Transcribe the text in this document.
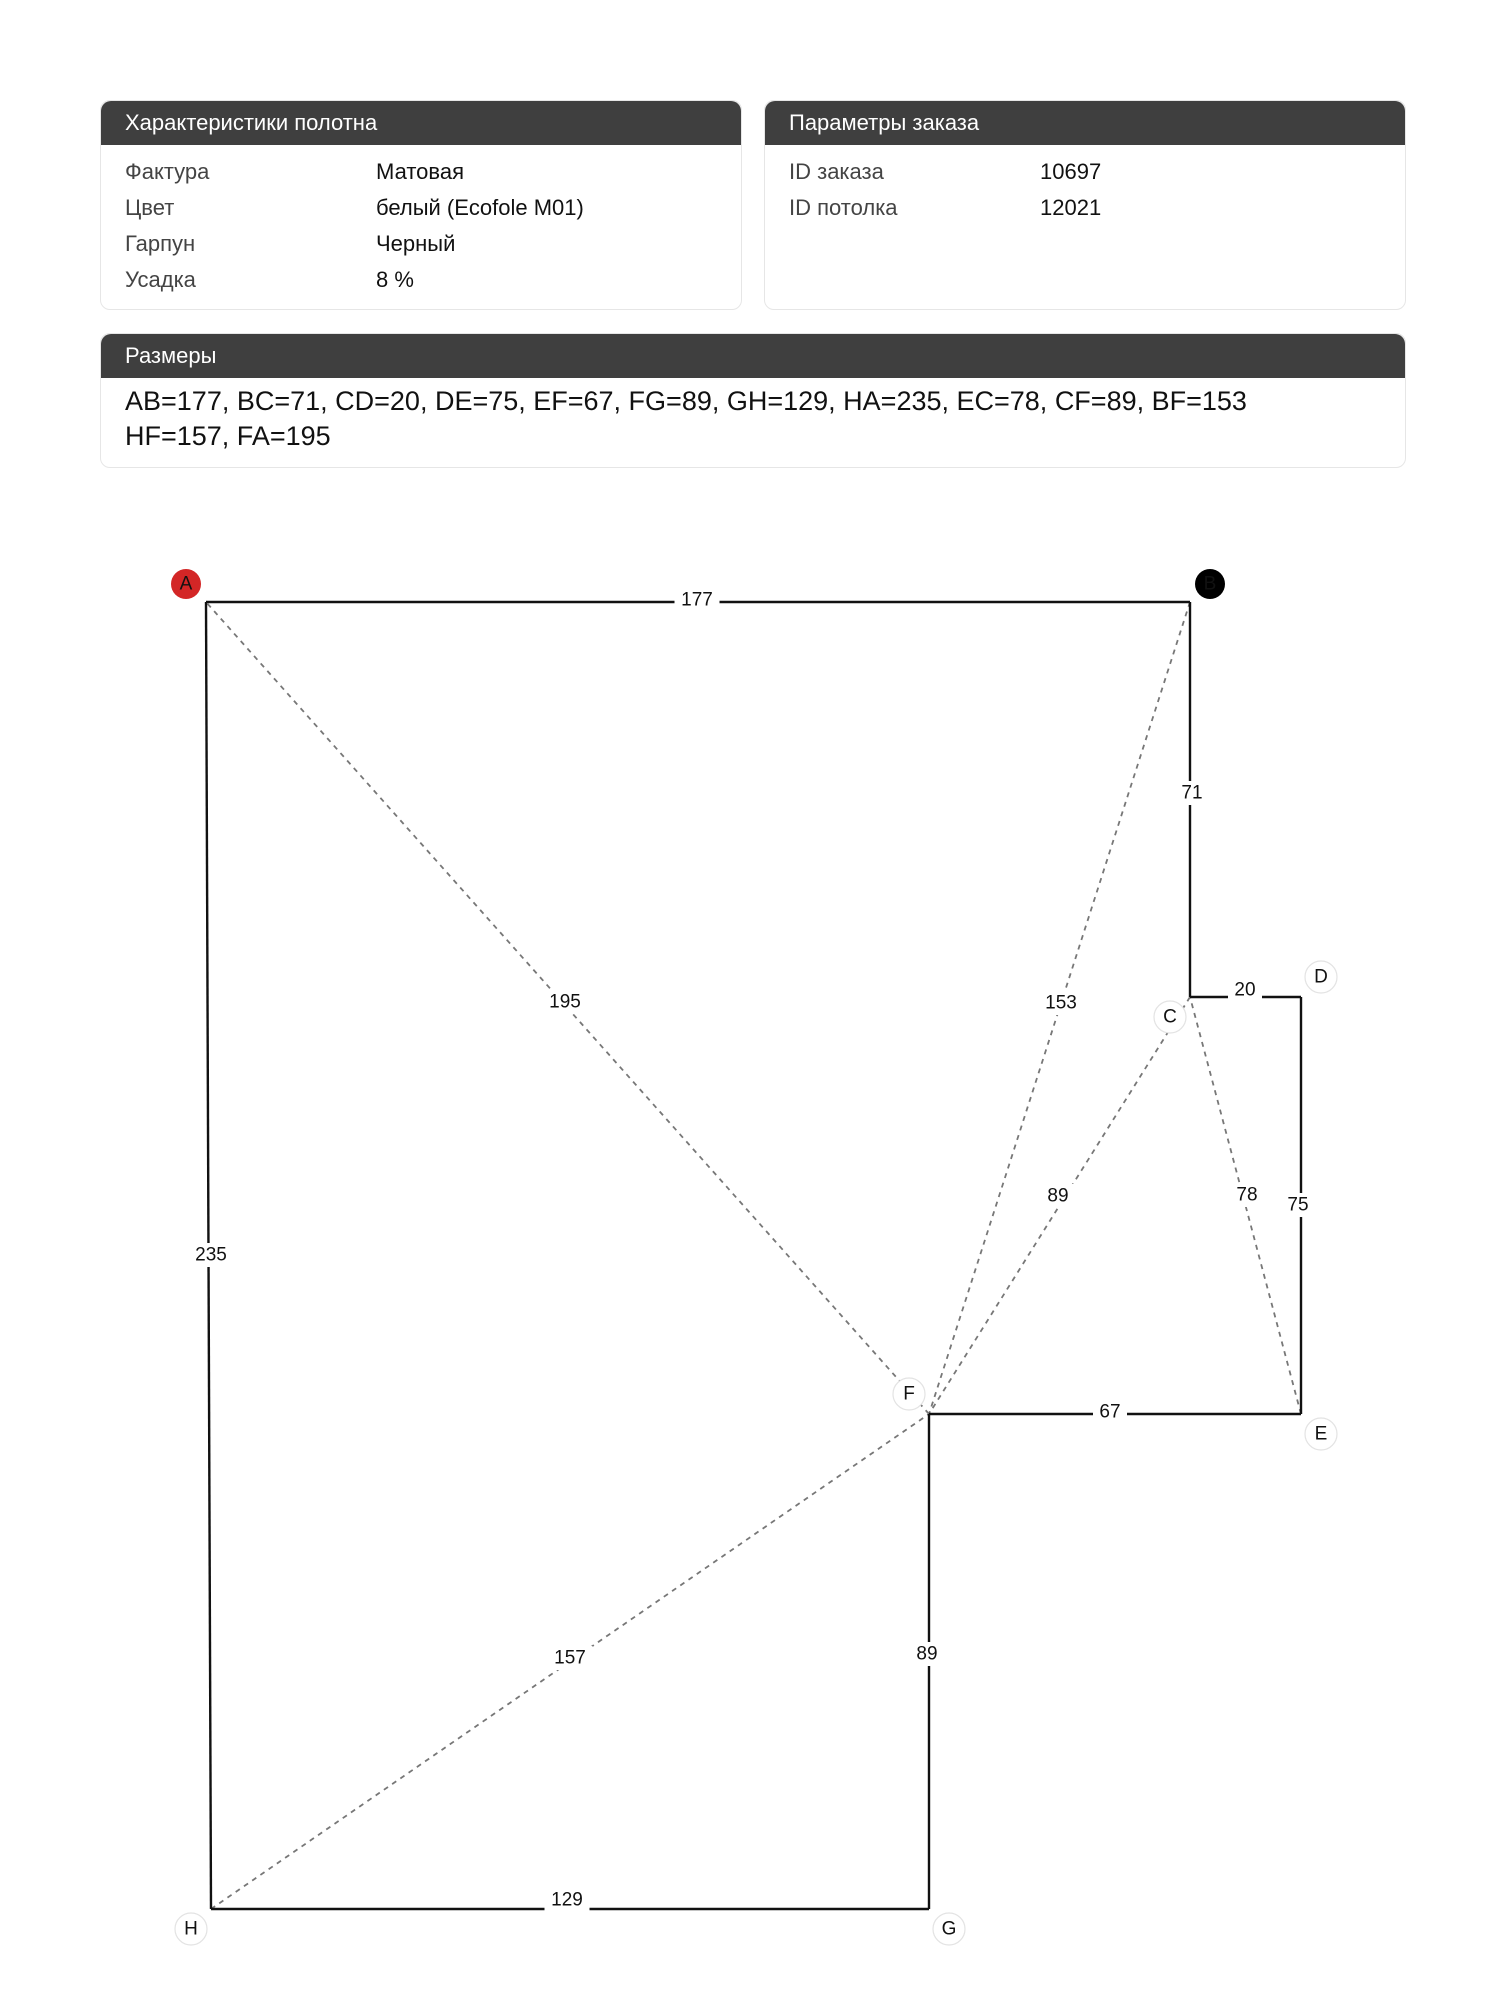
Характеристики полотна
Фактура	Матовая
Цвет	белый (Ecofole M01)
Гарпун	Черный
Усадка	8 %
Параметры заказа
ID заказа	10697
ID потолка	12021
Размеры
AB=177, BC=71, CD=20, DE=75, EF=67, FG=89, GH=129, HA=235, EC=78, CF=89, BF=153
HF=157, FA=195
78
89
153
157
195
177
71
20
75
67
89
129
235
A	B
C
D
E
F
G
H
